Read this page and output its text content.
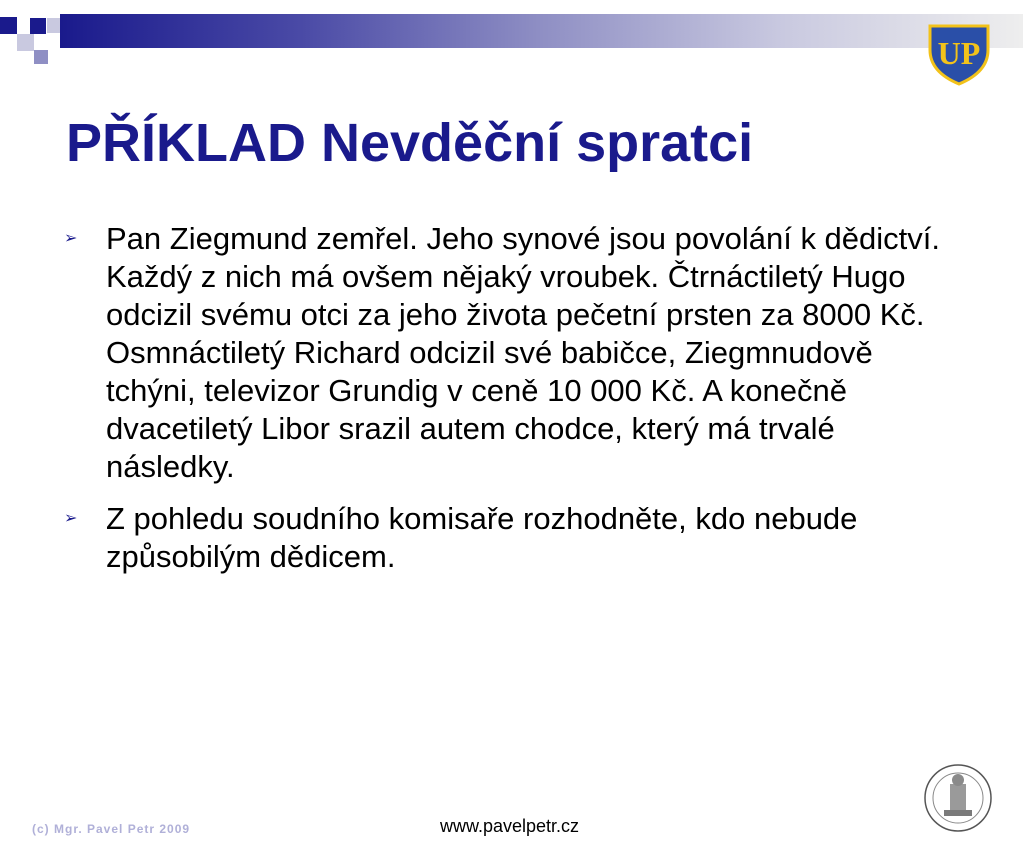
UP
PŘÍKLAD Nevděční spratci
➢ Pan Ziegmund zemřel. Jeho synové jsou povolání k dědictví. Každý z nich má ovšem nějaký vroubek. Čtrnáctiletý Hugo odcizil svému otci za jeho života pečetní prsten za 8000 Kč. Osmnáctiletý Richard odcizil své babičce, Ziegmnudově tchýni, televizor Grundig v ceně 10 000 Kč. A konečně dvacetiletý Libor srazil autem chodce, který má trvalé následky.
➢ Z pohledu soudního komisaře rozhodněte, kdo nebude způsobilým dědicem.
(c) Mgr. Pavel Petr 2009	www.pavelpetr.cz
